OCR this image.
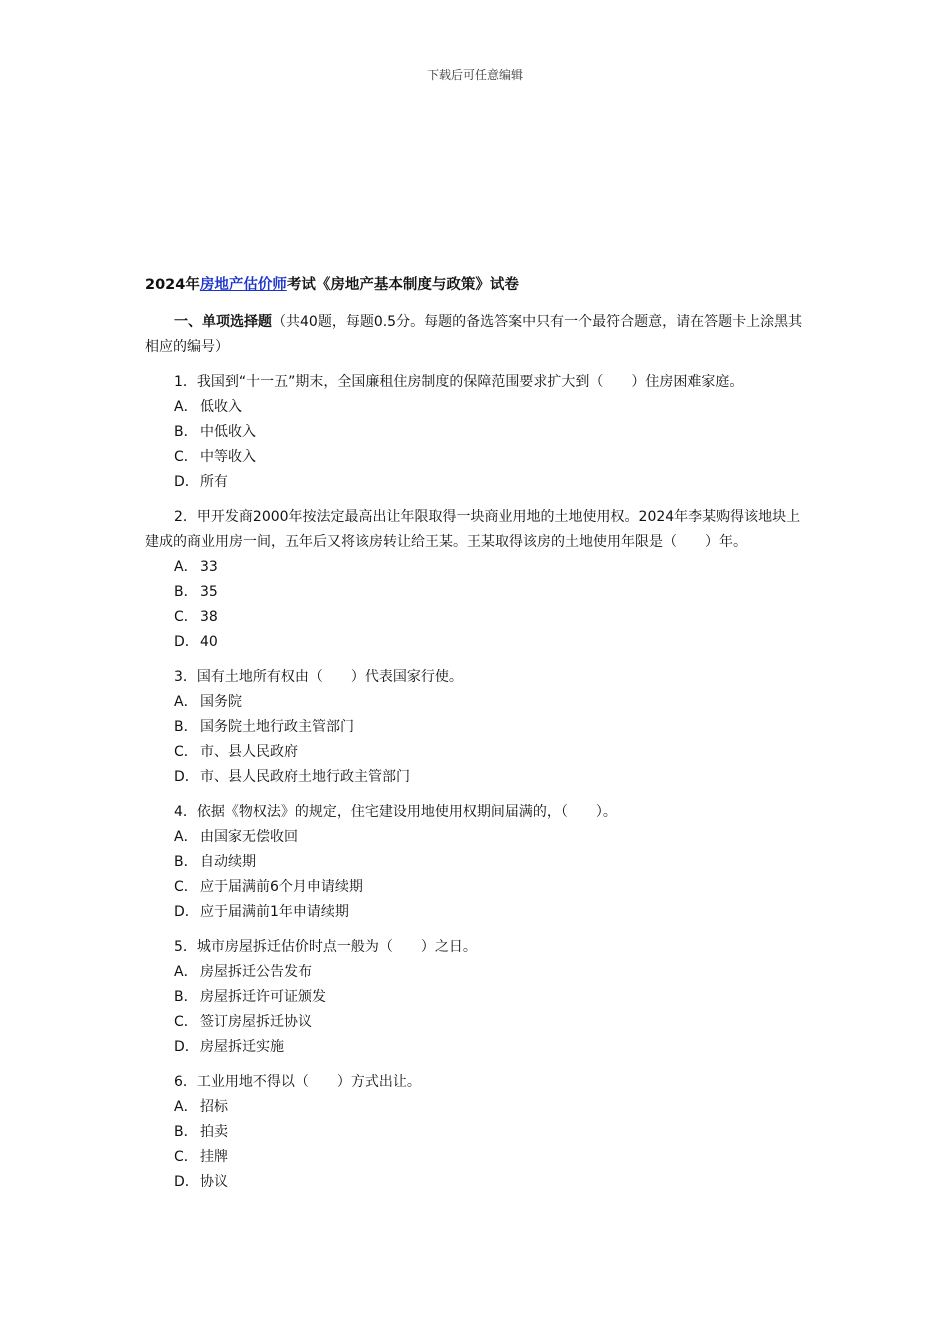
下载后可任意编辑
2024年房地产估价师考试《房地产基本制度与政策》试卷
一、单项选择题（共40题，每题0.5分。每题的备选答案中只有一个最符合题意，请在答题卡上涂黑其相应的编号）
1．我国到“十一五”期末，全国廉租住房制度的保障范围要求扩大到（　　）住房困难家庭。
A． 低收入
B． 中低收入
C． 中等收入
D．所有
2．甲开发商2000年按法定最高出让年限取得一块商业用地的土地使用权。2024年李某购得该地块上建成的商业用房一间，五年后又将该房转让给王某。王某取得该房的土地使用年限是（　　）年。
A． 33
B． 35
C． 38
D．40
3．国有土地所有权由（　　）代表国家行使。
A． 国务院
B． 国务院土地行政主管部门
C． 市、县人民政府
D．市、县人民政府土地行政主管部门
4．依据《物权法》的规定，住宅建设用地使用权期间届满的，（　　）。
A． 由国家无偿收回
B． 自动续期
C． 应于届满前6个月申请续期
D．应于届满前1年申请续期
5．城市房屋拆迁估价时点一般为（　　）之日。
A． 房屋拆迁公告发布
B． 房屋拆迁许可证颁发
C． 签订房屋拆迁协议
D．房屋拆迁实施
6．工业用地不得以（　　）方式出让。
A． 招标
B． 拍卖
C． 挂牌
D．协议
